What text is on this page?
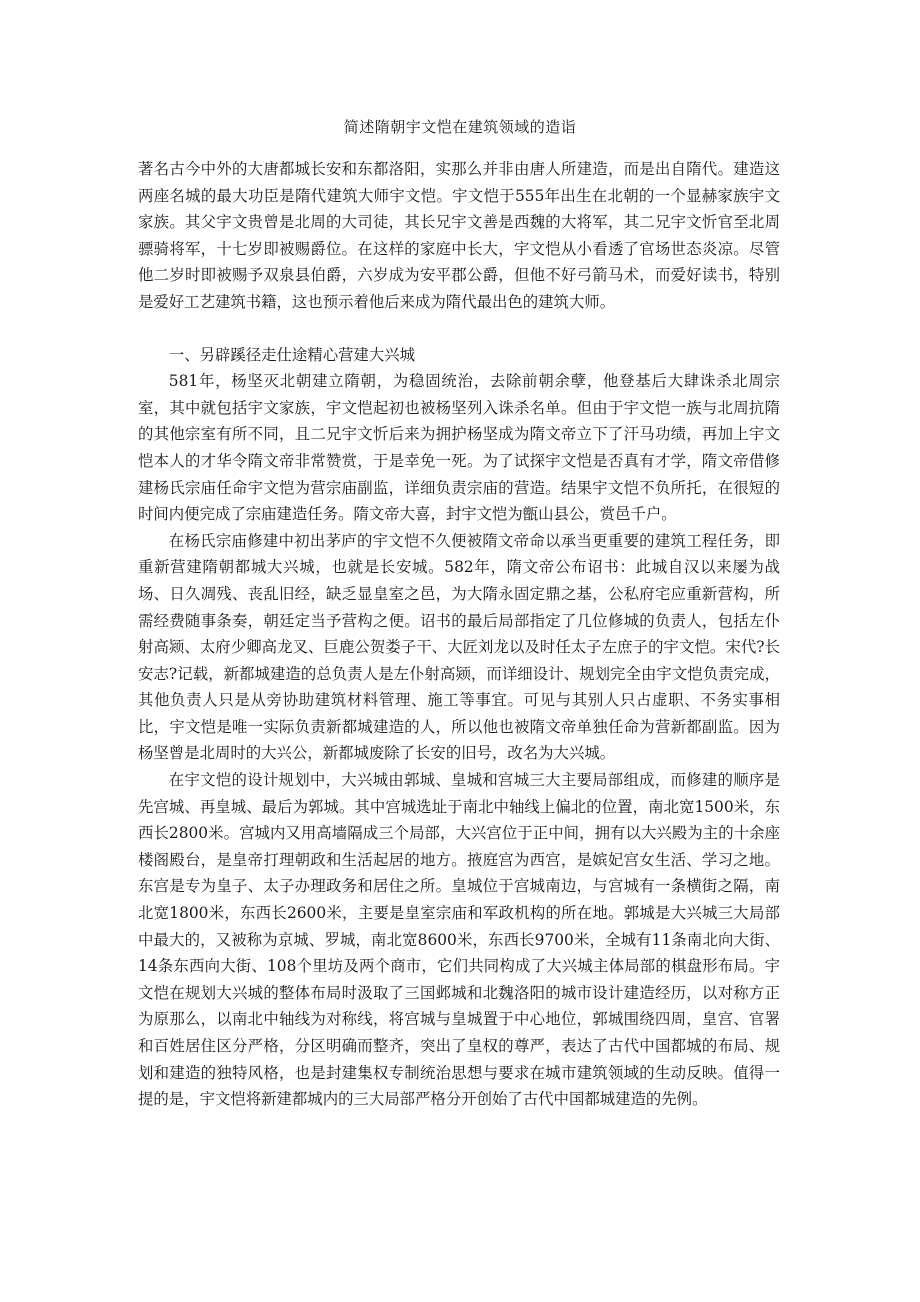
简述隋朝宇文恺在建筑领域的造诣

著名古今中外的大唐都城长安和东都洛阳，实那么并非由唐人所建造，而是出自隋代。建造这两座名城的最大功臣是隋代建筑大师宇文恺。宇文恺于555年出生在北朝的一个显赫家族宇文家族。其父宇文贵曾是北周的大司徒，其长兄宇文善是西魏的大将军，其二兄宇文忻官至北周骠骑将军，十七岁即被赐爵位。在这样的家庭中长大，宇文恺从小看透了官场世态炎凉。尽管他二岁时即被赐予双泉县伯爵，六岁成为安平郡公爵，但他不好弓箭马术，而爱好读书，特别是爱好工艺建筑书籍，这也预示着他后来成为隋代最出色的建筑大师。

一、另辟蹊径走仕途精心营建大兴城

581年，杨坚灭北朝建立隋朝，为稳固统治，去除前朝余孽，他登基后大肆诛杀北周宗室，其中就包括宇文家族，宇文恺起初也被杨坚列入诛杀名单。但由于宇文恺一族与北周抗隋的其他宗室有所不同，且二兄宇文忻后来为拥护杨坚成为隋文帝立下了汗马功绩，再加上宇文恺本人的才华令隋文帝非常赞赏，于是幸免一死。为了试探宇文恺是否真有才学，隋文帝借修建杨氏宗庙任命宇文恺为营宗庙副监，详细负责宗庙的营造。结果宇文恺不负所托，在很短的时间内便完成了宗庙建造任务。隋文帝大喜，封宇文恺为甑山县公，赏邑千户。

在杨氏宗庙修建中初出茅庐的宇文恺不久便被隋文帝命以承当更重要的建筑工程任务，即重新营建隋朝都城大兴城，也就是长安城。582年，隋文帝公布诏书：此城自汉以来屡为战场、日久凋残、丧乱旧经，缺乏显皇室之邑，为大隋永固定鼎之基，公私府宅应重新营构，所需经费随事条奏，朝廷定当予营构之便。诏书的最后局部指定了几位修城的负责人，包括左仆射高颎、太府少卿高龙叉、巨鹿公贺娄子干、大匠刘龙以及时任太子左庶子的宇文恺。宋代?长安志?记载，新都城建造的总负责人是左仆射高颎，而详细设计、规划完全由宇文恺负责完成，其他负责人只是从旁协助建筑材料管理、施工等事宜。可见与其别人只占虚职、不务实事相比，宇文恺是唯一实际负责新都城建造的人，所以他也被隋文帝单独任命为营新都副监。因为杨坚曾是北周时的大兴公，新都城废除了长安的旧号，改名为大兴城。

在宇文恺的设计规划中，大兴城由郭城、皇城和宫城三大主要局部组成，而修建的顺序是先宫城、再皇城、最后为郭城。其中宫城选址于南北中轴线上偏北的位置，南北宽1500米，东西长2800米。宫城内又用高墙隔成三个局部，大兴宫位于正中间，拥有以大兴殿为主的十余座楼阁殿台，是皇帝打理朝政和生活起居的地方。掖庭宫为西宫，是嫔妃宫女生活、学习之地。东宫是专为皇子、太子办理政务和居住之所。皇城位于宫城南边，与宫城有一条横街之隔，南北宽1800米，东西长2600米，主要是皇室宗庙和军政机构的所在地。郭城是大兴城三大局部中最大的，又被称为京城、罗城，南北宽8600米，东西长9700米，全城有11条南北向大街、14条东西向大街、108个里坊及两个商市，它们共同构成了大兴城主体局部的棋盘形布局。宇文恺在规划大兴城的整体布局时汲取了三国邺城和北魏洛阳的城市设计建造经历，以对称方正为原那么，以南北中轴线为对称线，将宫城与皇城置于中心地位，郭城围绕四周，皇宫、官署和百姓居住区分严格，分区明确而整齐，突出了皇权的尊严，表达了古代中国都城的布局、规划和建造的独特风格，也是封建集权专制统治思想与要求在城市建筑领域的生动反映。值得一提的是，宇文恺将新建都城内的三大局部严格分开创始了古代中国都城建造的先例。
